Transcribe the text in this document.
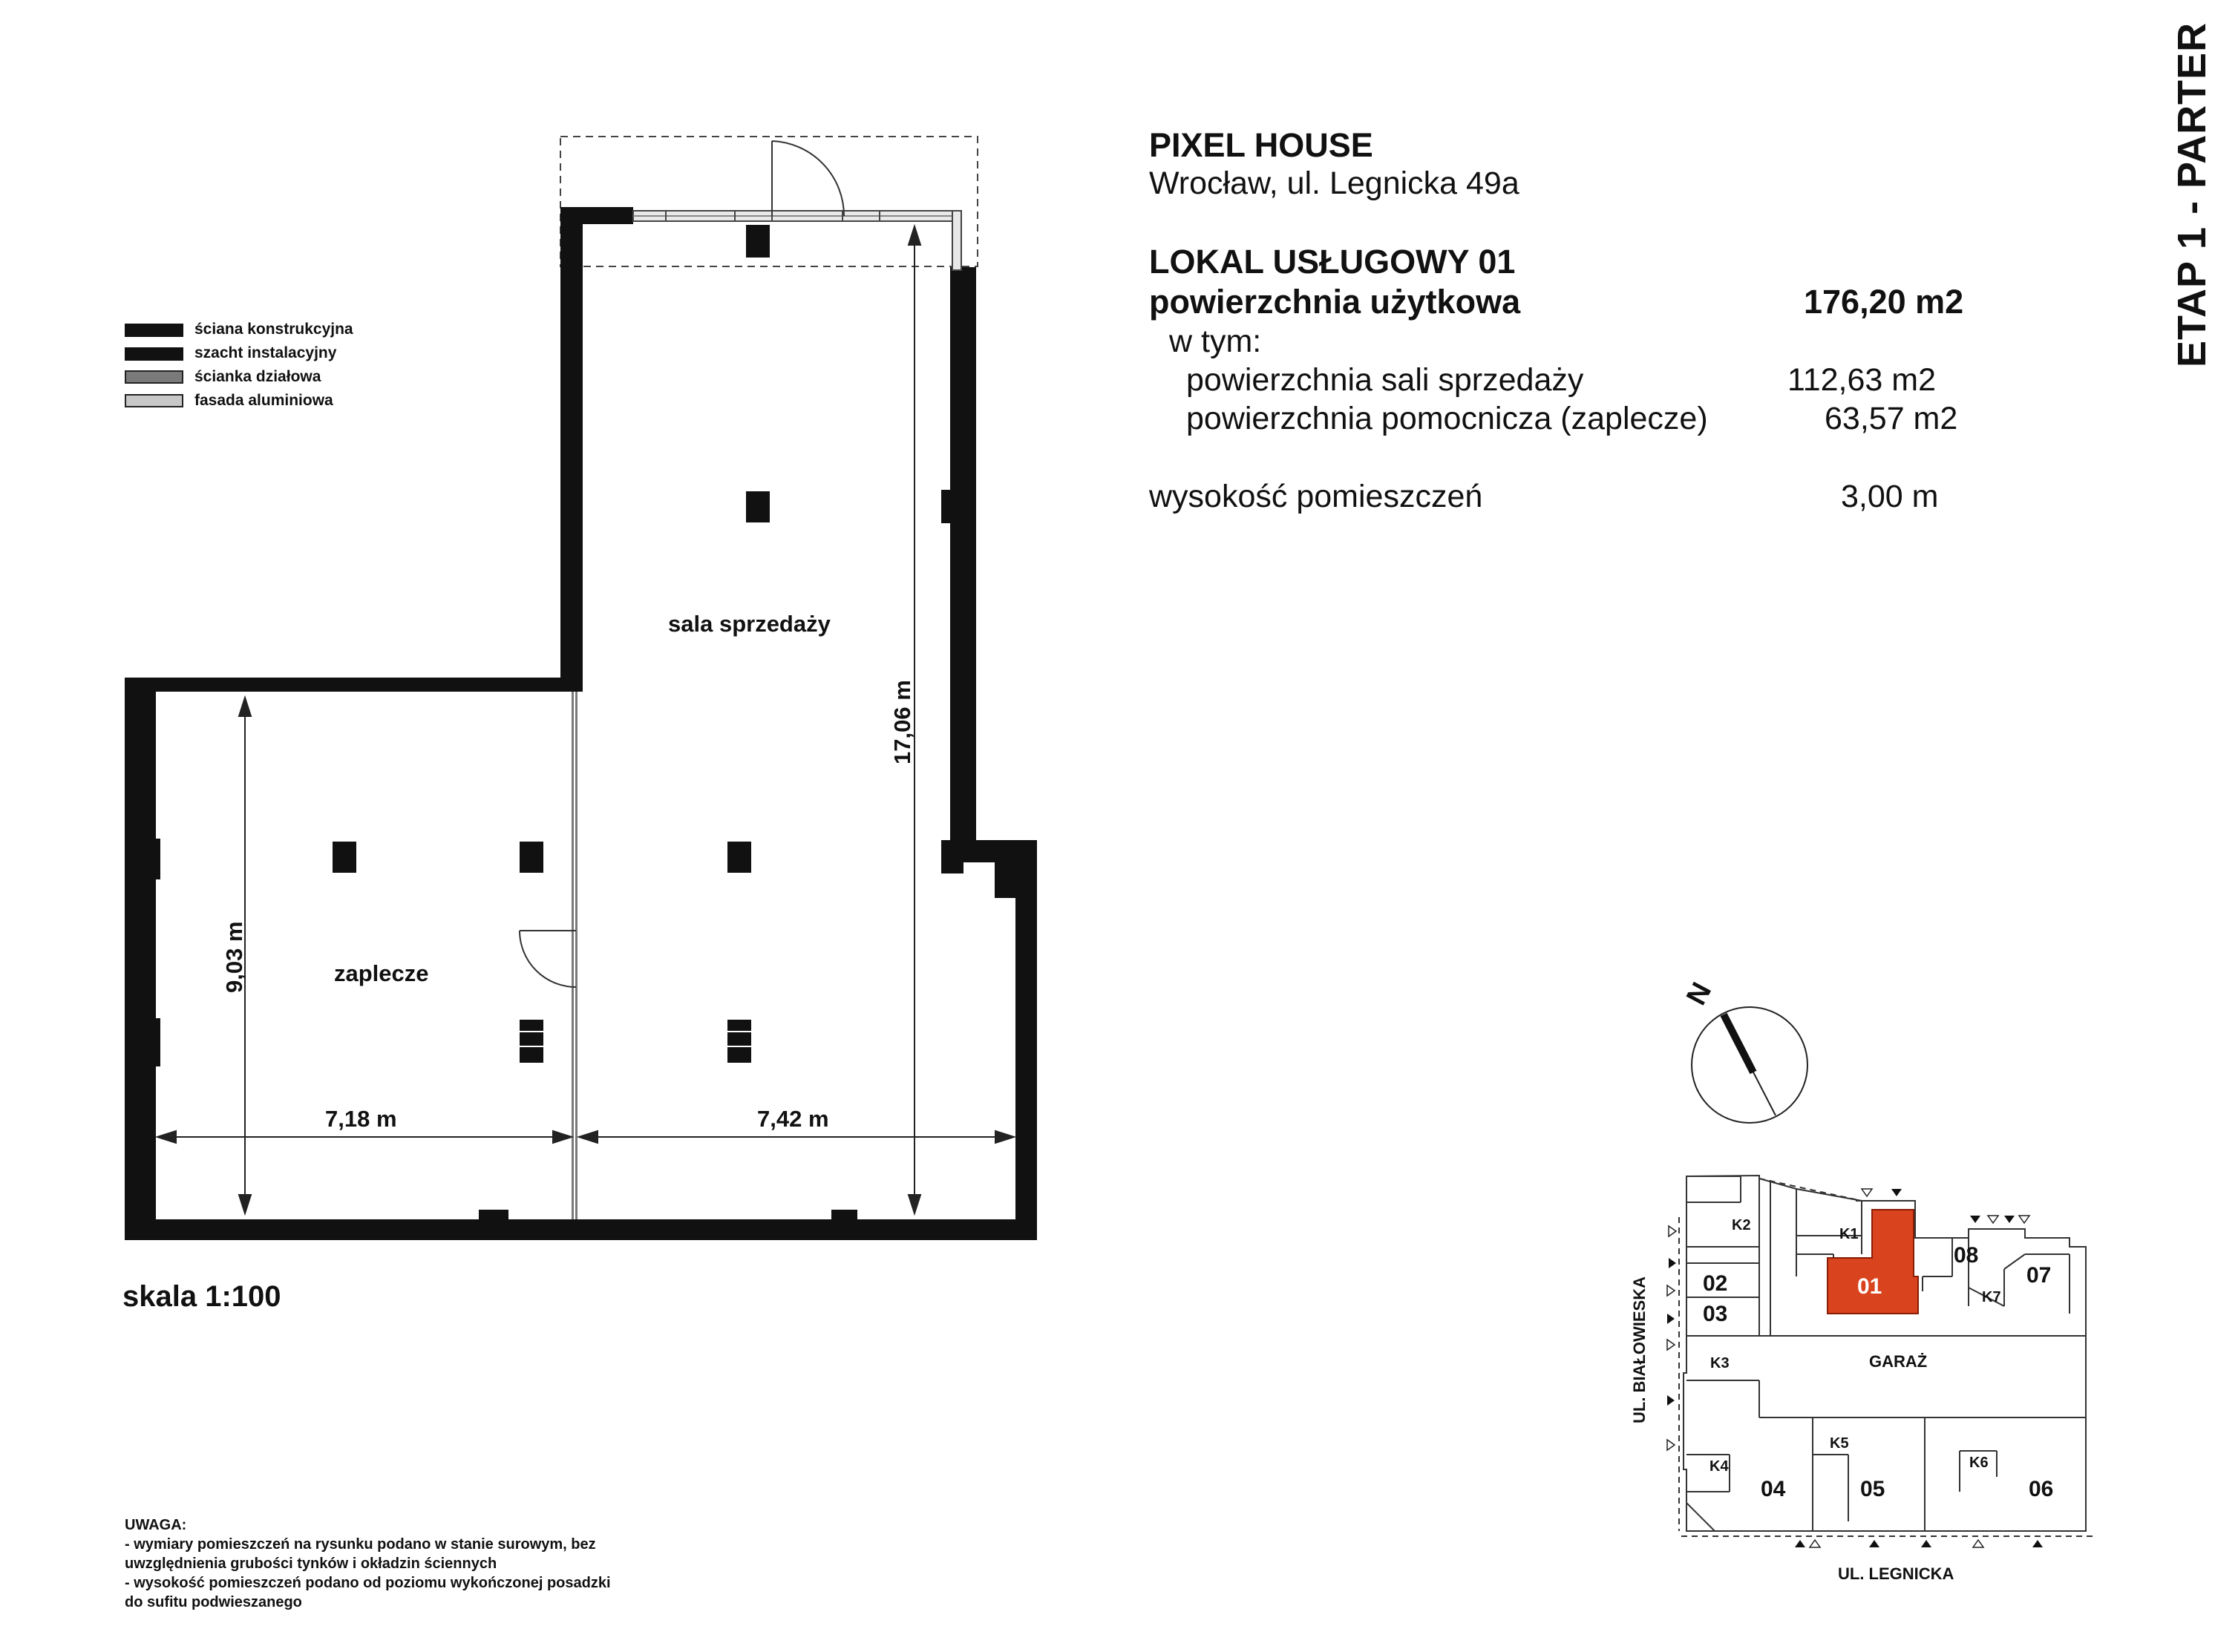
PIXEL HOUSE
Wrocław, ul. Legnicka 49a
LOKAL USŁUGOWY 01
powierzchnia użytkowa	176,20 m2
w tym:
powierzchnia sali sprzedaży	112,63 m2
powierzchnia pomocnicza (zaplecze)	63,57 m2
wysokość pomieszczeń	3,00 m
ETAP 1 - PARTER
ściana konstrukcyjna
szacht instalacyjny
ścianka działowa
fasada aluminiowa
sala sprzedaży
zaplecze
7,18 m	7,42 m
9,03 m
17,06 m
skala 1:100
UWAGA:
- wymiary pomieszczeń na rysunku podano w stanie surowym, bez
uwzględnienia grubości tynków i okładzin ściennych
- wysokość pomieszczeń podano od poziomu wykończonej posadzki
do sufitu podwieszanego
N
02
03
01
08
07
04	05	06
K1
K2
K3
K4
K5
K6
K7
GARAŻ
UL. LEGNICKA
UL. BIAŁOWIESKA
